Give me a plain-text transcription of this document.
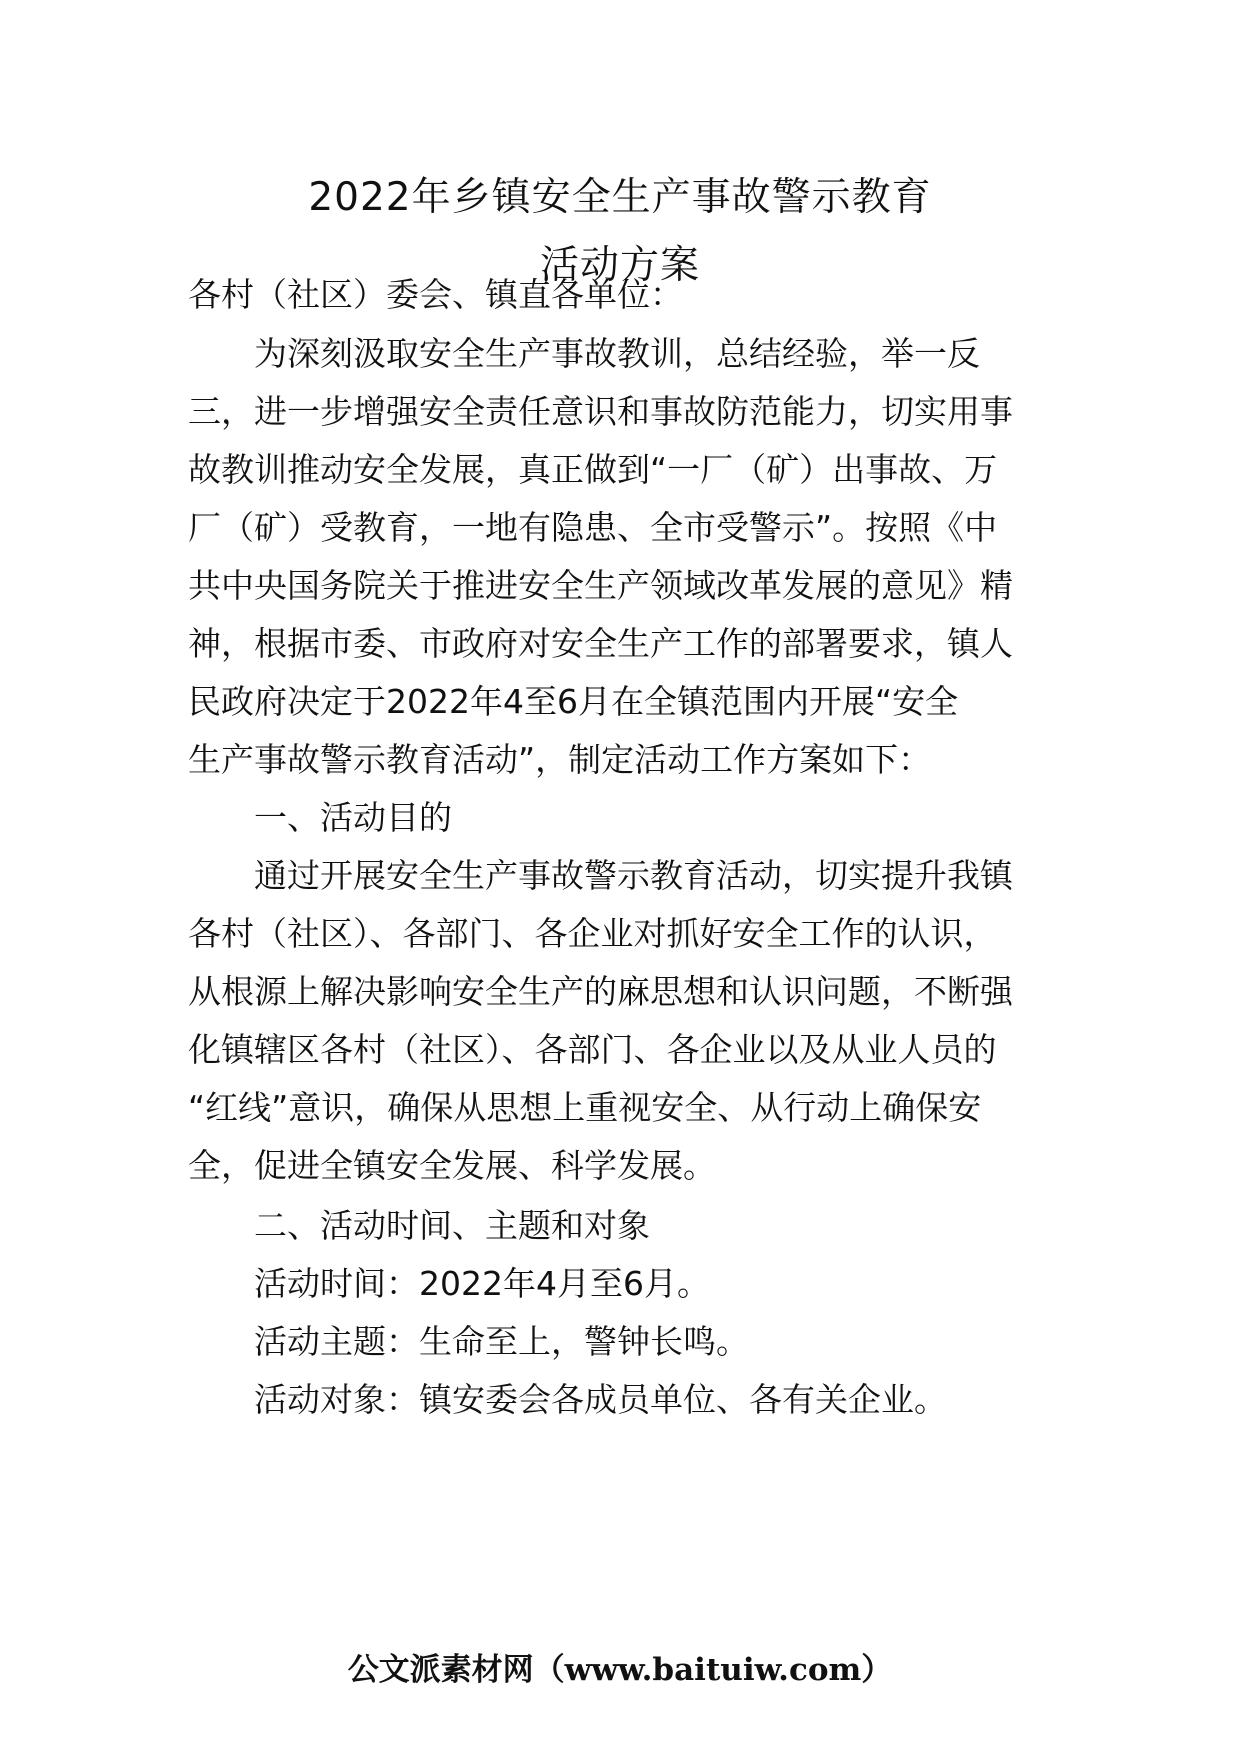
2022年乡镇安全生产事故警示教育
活动方案
各村（社区）委会、镇直各单位：
为深刻汲取安全生产事故教训，总结经验，举一反
三，进一步增强安全责任意识和事故防范能力，切实用事
故教训推动安全发展，真正做到“一厂（矿）出事故、万
厂（矿）受教育，一地有隐患、全市受警示”。按照《中
共中央国务院关于推进安全生产领域改革发展的意见》精
神，根据市委、市政府对安全生产工作的部署要求，镇人
民政府决定于2022年4至6月在全镇范围内开展“安全
生产事故警示教育活动”，制定活动工作方案如下：
一、活动目的
通过开展安全生产事故警示教育活动，切实提升我镇
各村（社区）、各部门、各企业对抓好安全工作的认识，
从根源上解决影响安全生产的麻思想和认识问题，不断强
化镇辖区各村（社区）、各部门、各企业以及从业人员的
“红线”意识，确保从思想上重视安全、从行动上确保安
全，促进全镇安全发展、科学发展。
二、活动时间、主题和对象
活动时间：2022年4月至6月。
活动主题：生命至上，警钟长鸣。
活动对象：镇安委会各成员单位、各有关企业。
公文派素材网（www.baituiw.com）
